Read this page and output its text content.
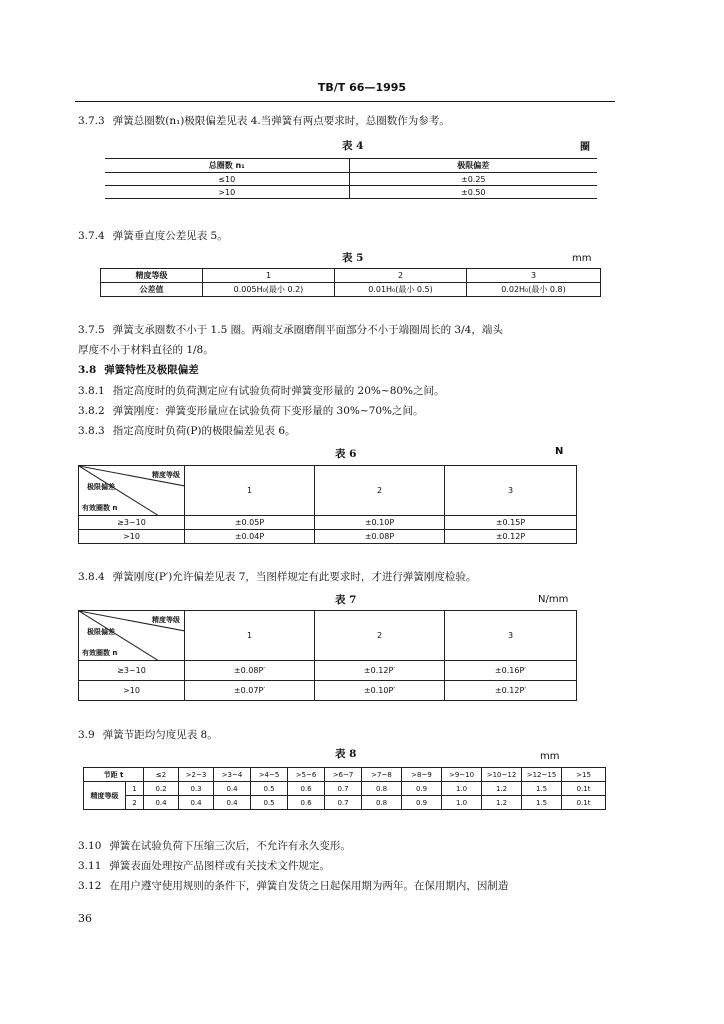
TB/T 66—1995
3.7.3 弹簧总圈数(n₁)极限偏差见表 4.当弹簧有两点要求时，总圈数作为参考。
表 4	圈
总圈数 n₁	极限偏差
≤10	±0.25
>10	±0.50
3.7.4 弹簧垂直度公差见表 5。
表 5	mm
精度等级	1	2	3
公差值	0.005H₀(最小 0.2)	0.01H₀(最小 0.5)	0.02H₀(最小 0.8)
3.7.5 弹簧支承圈数不小于 1.5 圈。两端支承圈磨削平面部分不小于端圈周长的 3/4，端头
厚度不小于材料直径的 1/8。
3.8 弹簧特性及极限偏差
3.8.1 指定高度时的负荷测定应有试验负荷时弹簧变形量的 20%~80%之间。
3.8.2 弹簧刚度：弹簧变形量应在试验负荷下变形量的 30%~70%之间。
3.8.3 指定高度时负荷(P)的极限偏差见表 6。
表 6	N
精度等级
极限偏差
有效圈数 n	1	2	3
≥3~10	±0.05P	±0.10P	±0.15P
>10	±0.04P	±0.08P	±0.12P
3.8.4 弹簧刚度(P′)允许偏差见表 7，当图样规定有此要求时，才进行弹簧刚度检验。
表 7	N/mm
精度等级
极限偏差
有效圈数 n	1	2	3
≥3~10	±0.08P′	±0.12P′	±0.16P′
>10	±0.07P′	±0.10P′	±0.12P′
3.9 弹簧节距均匀度见表 8。
表 8	mm
节距 t		≤2	>2~3	>3~4	>4~5	>5~6	>6~7	>7~8	>8~9	>9~10	>10~12	>12~15	>15
精度等级	1	0.2	0.3	0.4	0.5	0.6	0.7	0.8	0.9	1.0	1.2	1.5	0.1t
	2	0.4	0.4	0.4	0.5	0.6	0.7	0.8	0.9	1.0	1.2	1.5	0.1t
3.10 弹簧在试验负荷下压缩三次后，不允许有永久变形。
3.11 弹簧表面处理按产品图样或有关技术文件规定。
3.12 在用户遵守使用规则的条件下，弹簧自发货之日起保用期为两年。在保用期内，因制造
36
